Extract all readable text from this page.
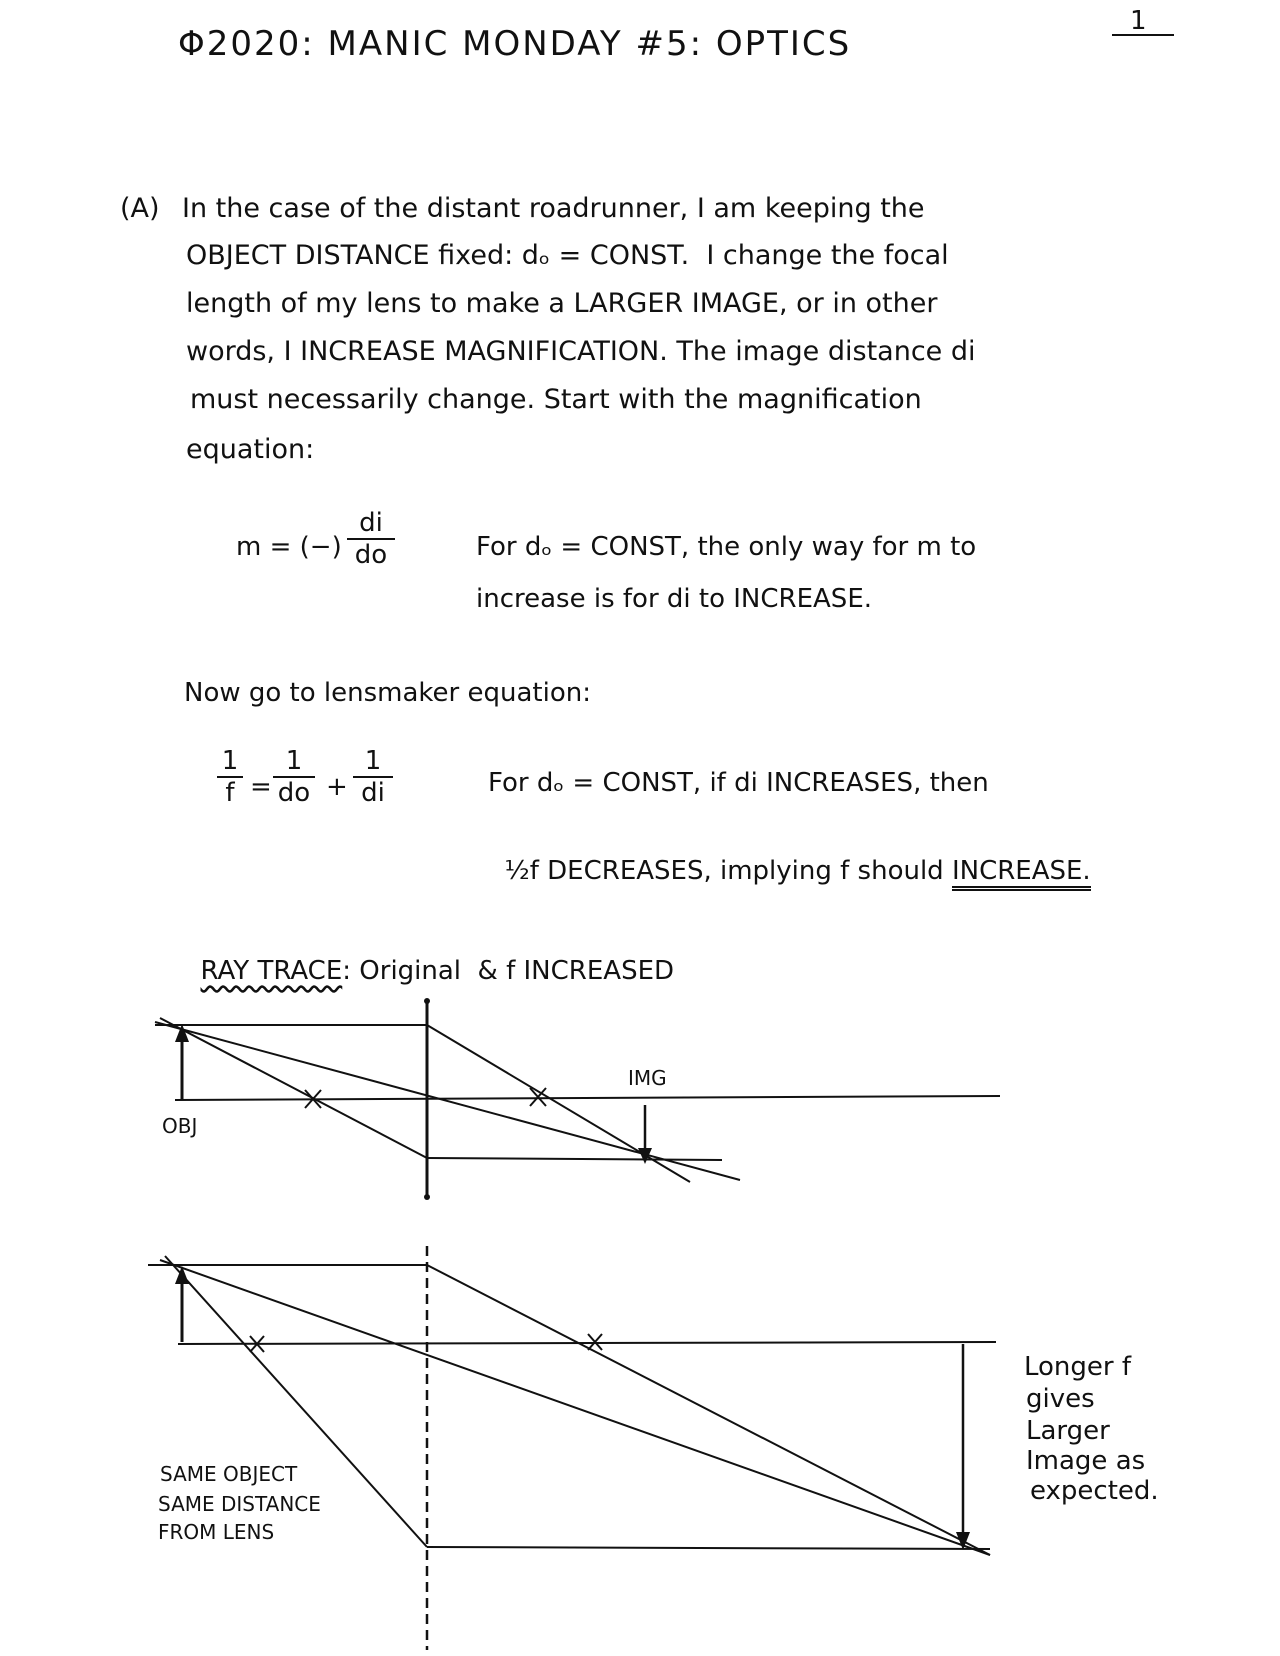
1
Φ2020: MANIC MONDAY #5: OPTICS
(A) In the case of the distant roadrunner, I am keeping the
OBJECT DISTANCE fixed: dₒ = CONST.  I change the focal
length of my lens to make a LARGER IMAGE, or in other
words, I INCREASE MAGNIFICATION. The image distance di
must necessarily change. Start with the magnification
equation:
m = (−)
di
do	For dₒ = CONST, the only way for m to
increase is for di to INCREASE.
Now go to lensmaker equation:
1
f =
1
do +
1
di	For dₒ = CONST, if di INCREASES, then

½f DECREASES, implying f should INCREASE.

RAY TRACE: Original  & f INCREASED

OBJ
IMG
SAME OBJECT
SAME DISTANCE
FROM LENS
Longer f
gives
Larger
Image as
expected.
